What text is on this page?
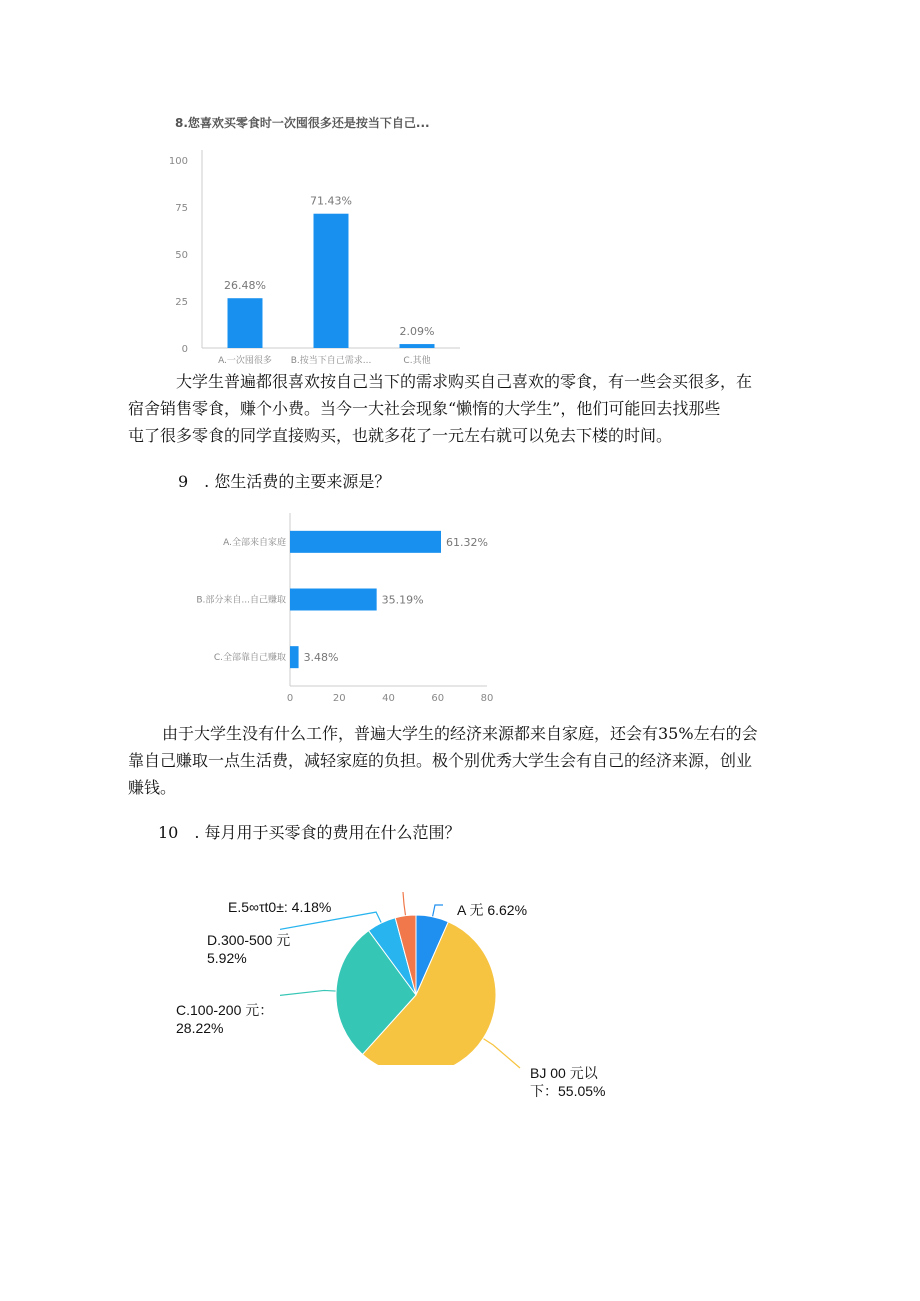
8.您喜欢买零食时一次囤很多还是按当下自己...
0
25
50
75
100
26.48%
A.一次囤很多
71.43%
B.按当下自己需求...
2.09%
C.其他

大学生普遍都很喜欢按自己当下的需求购买自己喜欢的零食，有一些会买很多，在
宿舍销售零食，赚个小费。当今一大社会现象“懒惰的大学生”，他们可能回去找那些
屯了很多零食的同学直接购买，也就多花了一元左右就可以免去下楼的时间。

9　. 您生活费的主要来源是？
0	20	40	60	80
61.32%
A.全部来自家庭
35.19%
B.部分来自...自己赚取
3.48%
C.全部靠自己赚取

由于大学生没有什么工作，普遍大学生的经济来源都来自家庭，还会有35%左右的会
靠自己赚取一点生活费，减轻家庭的负担。极个别优秀大学生会有自己的经济来源，创业
赚钱。

10　. 每月用于买零食的费用在什么范围？
A 无 6.62%
E.5∞τt0±: 4.18%
D.300-500 元
5.92%
C.100-200 元：
28.22%
BJ 00 元以
下：55.05%
